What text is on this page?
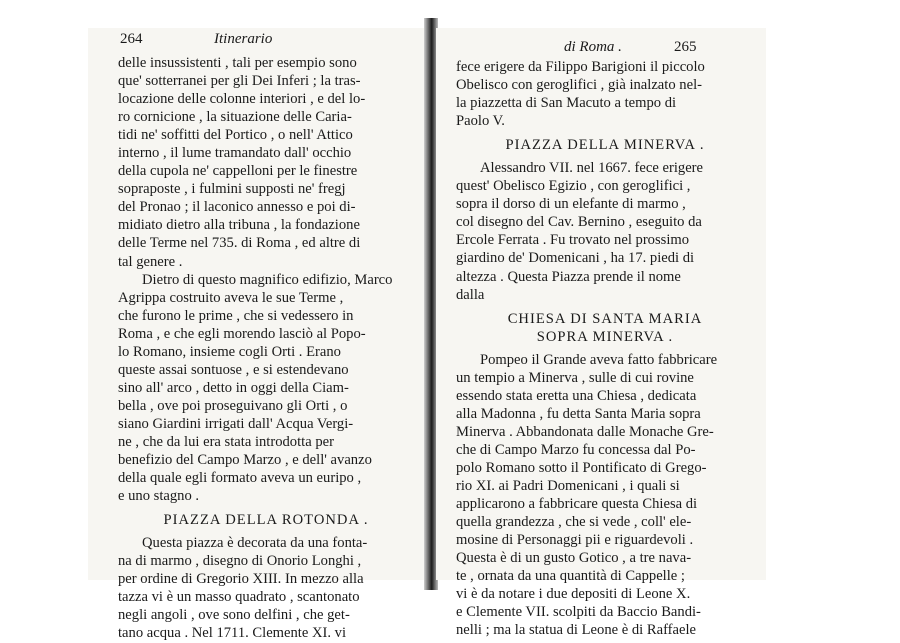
264	Itinerario

delle insussistenti , tali per esempio sono
que' sotterranei per gli Dei Inferi ; la tras-
locazione delle colonne interiori , e del lo-
ro cornicione , la situazione delle Caria-
tidi ne' soffitti del Portico , o nell' Attico
interno , il lume tramandato dall' occhio
della cupola ne' cappelloni per le finestre
sopraposte , i fulmini supposti ne' fregj
del Pronao ; il laconico annesso e poi di-
midiato dietro alla tribuna , la fondazione
delle Terme nel 735. di Roma , ed altre di
tal genere .

Dietro di questo magnifico edifizio, Marco
Agrippa costruito aveva le sue Terme ,
che furono le prime , che si vedessero in
Roma , e che egli morendo lasciò al Popo-
lo Romano, insieme cogli Orti . Erano
queste assai sontuose , e si estendevano
sino all' arco , detto in oggi della Ciam-
bella , ove poi proseguivano gli Orti , o
siano Giardini irrigati dall' Acqua Vergi-
ne , che da lui era stata introdotta per
benefizio del Campo Marzo , e dell' avanzo
della quale egli formato aveva un euripo ,
e uno stagno .

PIAZZA DELLA ROTONDA .

Questa piazza è decorata da una fonta-
na di marmo , disegno di Onorio Longhi ,
per ordine di Gregorio XIII. In mezzo alla
tazza vi è un masso quadrato , scantonato
negli angoli , ove sono delfini , che get-
tano acqua . Nel 1711. Clemente XI. vi

di Roma .	265

fece erigere da Filippo Barigioni il piccolo
Obelisco con geroglifici , già inalzato nel-
la piazzetta di San Macuto a tempo di
Paolo V.

PIAZZA DELLA MINERVA .

Alessandro VII. nel 1667. fece erigere
quest' Obelisco Egizio , con geroglifici ,
sopra il dorso di un elefante di marmo ,
col disegno del Cav. Bernino , eseguito da
Ercole Ferrata . Fu trovato nel prossimo
giardino de' Domenicani , ha 17. piedi di
altezza . Questa Piazza prende il nome
dalla

CHIESA DI SANTA MARIA
SOPRA MINERVA .

Pompeo il Grande aveva fatto fabbricare
un tempio a Minerva , sulle di cui rovine
essendo stata eretta una Chiesa , dedicata
alla Madonna , fu detta Santa Maria sopra
Minerva . Abbandonata dalle Monache Gre-
che di Campo Marzo fu concessa dal Po-
polo Romano sotto il Pontificato di Grego-
rio XI. ai Padri Domenicani , i quali si
applicarono a fabbricare questa Chiesa di
quella grandezza , che si vede , coll' ele-
mosine di Personaggi pii e riguardevoli .
Questa è di un gusto Gotico , a tre nava-
te , ornata da una quantità di Cappelle ;
vi è da notare i due depositi di Leone X.
e Clemente VII. scolpiti da Baccio Bandi-
nelli ; ma la statua di Leone è di Raffaele
